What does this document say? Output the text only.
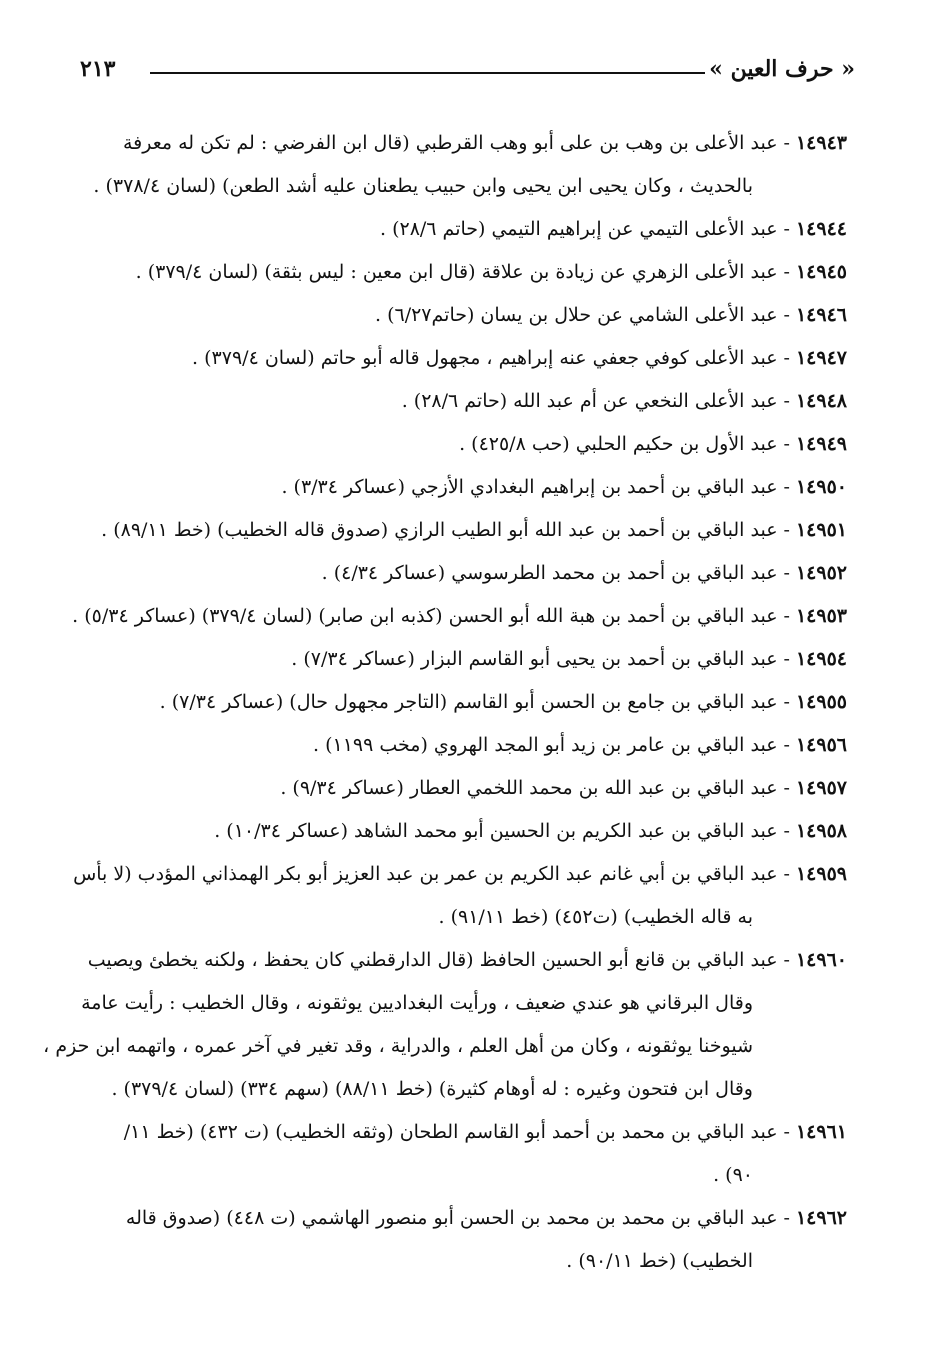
« حرف العين »
٢١٣
١٤٩٤٣-عبد الأعلى بن وهب بن على أبو وهب القرطبي (قال ابن الفرضي : لم تكن له معرفة
بالحديث ، وكان يحيى ابن يحيى وابن حبيب يطعنان عليه أشد الطعن) (لسان ٣٧٨/٤) .
١٤٩٤٤-عبد الأعلى التيمي عن إبراهيم التيمي (حاتم ٢٨/٦) .
١٤٩٤٥-عبد الأعلى الزهري عن زيادة بن علاقة (قال ابن معين : ليس بثقة) (لسان ٣٧٩/٤) .
١٤٩٤٦-عبد الأعلى الشامي عن حلال بن يسان (حاتم٦/٢٧) .
١٤٩٤٧-عبد الأعلى كوفي جعفي عنه إبراهيم ، مجهول قاله أبو حاتم (لسان ٣٧٩/٤) .
١٤٩٤٨-عبد الأعلى النخعي عن أم عبد الله (حاتم ٢٨/٦) .
١٤٩٤٩-عبد الأول بن حكيم الحلبي (حب ٤٢٥/٨) .
١٤٩٥٠-عبد الباقي بن أحمد بن إبراهيم البغدادي الأزجي (عساكر ٣/٣٤) .
١٤٩٥١-عبد الباقي بن أحمد بن عبد الله أبو الطيب الرازي (صدوق قاله الخطيب) (خط ٨٩/١١) .
١٤٩٥٢-عبد الباقي بن أحمد بن محمد الطرسوسي (عساكر ٤/٣٤) .
١٤٩٥٣-عبد الباقي بن أحمد بن هبة الله أبو الحسن (كذبه ابن صابر) (لسان ٣٧٩/٤) (عساكر ٥/٣٤) .
١٤٩٥٤-عبد الباقي بن أحمد بن يحيى أبو القاسم البزار (عساكر ٧/٣٤) .
١٤٩٥٥-عبد الباقي بن جامع بن الحسن أبو القاسم (التاجر مجهول حال) (عساكر ٧/٣٤) .
١٤٩٥٦-عبد الباقي بن عامر بن زيد أبو المجد الهروي (مخب ١١٩٩) .
١٤٩٥٧-عبد الباقي بن عبد الله بن محمد اللخمي العطار (عساكر ٩/٣٤) .
١٤٩٥٨-عبد الباقي بن عبد الكريم بن الحسين أبو محمد الشاهد (عساكر ١٠/٣٤) .
١٤٩٥٩-عبد الباقي بن أبي غانم عبد الكريم بن عمر بن عبد العزيز أبو بكر الهمذاني المؤدب (لا بأس
به قاله الخطيب) (ت٤٥٢) (خط ٩١/١١) .
١٤٩٦٠-عبد الباقي بن قانع أبو الحسين الحافظ (قال الدارقطني كان يحفظ ، ولكنه يخطئ ويصيب
وقال البرقاني هو عندي ضعيف ، ورأيت البغداديين يوثقونه ، وقال الخطيب : رأيت عامة
شيوخنا يوثقونه ، وكان من أهل العلم ، والدراية ، وقد تغير في آخر عمره ، واتهمه ابن حزم ،
وقال ابن فتحون وغيره : له أوهام كثيرة) (خط ٨٨/١١) (سهم ٣٣٤) (لسان ٣٧٩/٤) .
١٤٩٦١-عبد الباقي بن محمد بن أحمد أبو القاسم الطحان (وثقه الخطيب) (ت ٤٣٢) (خط ١١/
٩٠) .
١٤٩٦٢-عبد الباقي بن محمد بن محمد بن الحسن أبو منصور الهاشمي (ت ٤٤٨) (صدوق قاله
الخطيب) (خط ٩٠/١١) .
